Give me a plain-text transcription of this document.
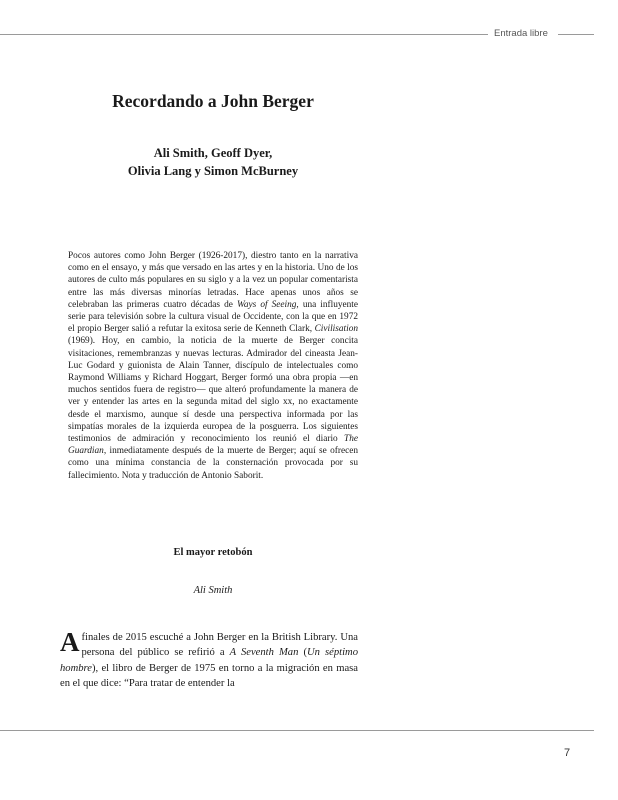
Entrada libre
Recordando a John Berger
Ali Smith, Geoff Dyer,
Olivia Lang y Simon McBurney

Pocos autores como John Berger (1926-2017), diestro tanto en la narrativa como en el ensayo, y más que versado en las artes y en la historia. Uno de los autores de culto más populares en su siglo y a la vez un popular comentarista entre las más diversas minorías letradas. Hace apenas unos años se celebraban las primeras cuatro décadas de Ways of Seeing, una influyente serie para televisión sobre la cultura visual de Occidente, con la que en 1972 el propio Berger salió a refutar la exitosa serie de Kenneth Clark, Civilisation (1969). Hoy, en cambio, la noticia de la muerte de Berger concita visitaciones, remembranzas y nuevas lecturas. Admirador del cineasta Jean-Luc Godard y guionista de Alain Tanner, discípulo de intelectuales como Raymond Williams y Richard Hoggart, Berger formó una obra propia —en muchos sentidos fuera de registro— que alteró profundamente la manera de ver y entender las artes en la segunda mitad del siglo xx, no exactamente desde el marxismo, aunque sí desde una perspectiva informada por las simpatías morales de la izquierda europea de la posguerra. Los siguientes testimonios de admiración y reconocimiento los reunió el diario The Guardian, inmediatamente después de la muerte de Berger; aquí se ofrecen como una mínima constancia de la consternación provocada por su fallecimiento. Nota y traducción de Antonio Saborit.

El mayor retobón
Ali Smith

A finales de 2015 escuché a John Berger en la British Library. Una persona del público se refirió a A Seventh Man (Un séptimo hombre), el libro de Berger de 1975 en torno a la migración en masa en el que dice: “Para tratar de entender la

7
